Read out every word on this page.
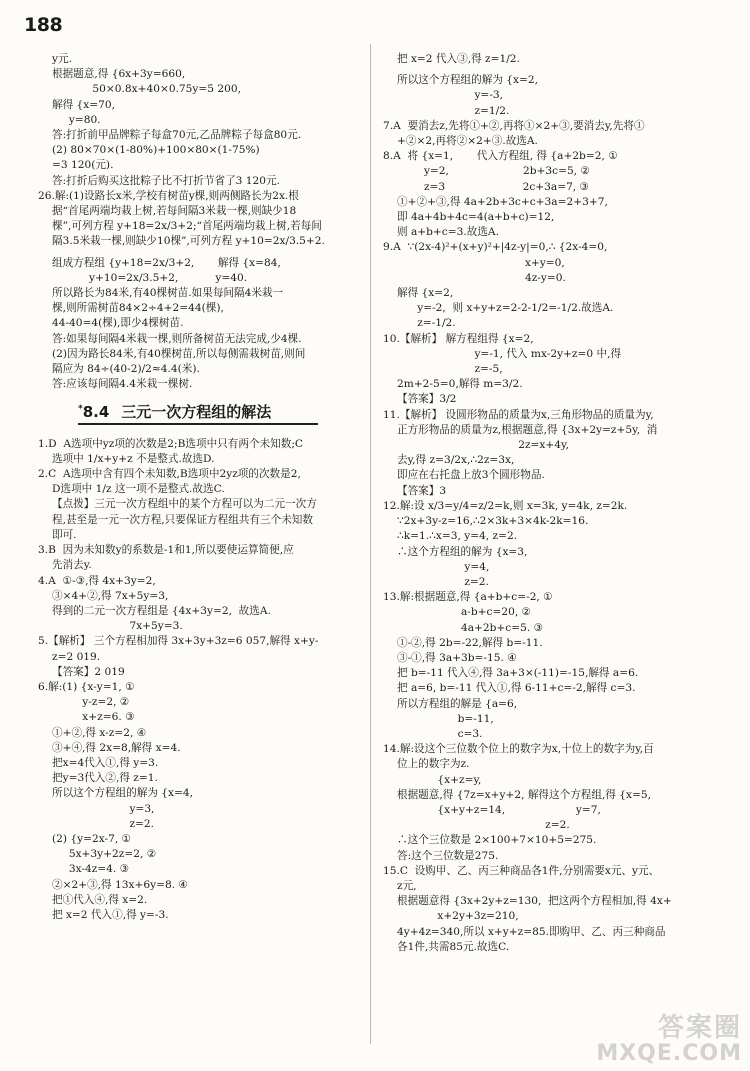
188

y元.

根据题意,得 {6x+3y=660,

50×0.8x+40×0.75y=5 200,

解得 {x=70,

y=80.

答:打折前甲品牌粽子每盒70元,乙品牌粽子每盒80元.

(2) 80×70×(1-80%)+100×80×(1-75%)

=3 120(元).

答:打折后购买这批粽子比不打折节省了3 120元.

26.解:(1)设路长x米,学校有树苗y棵,则两侧路长为2x.根

据“首尾两端均栽上树,若每间隔3米栽一棵,则缺少18

棵”,可列方程 y+18=2x/3+2;“首尾两端均栽上树,若每间

隔3.5米栽一棵,则缺少10棵”,可列方程 y+10=2x/3.5+2.

组成方程组 {y+18=2x/3+2,       解得 {x=84,

y+10=2x/3.5+2,           y=40.

所以路长为84米,有40棵树苗.如果每间隔4米栽一

棵,则所需树苗84×2÷4+2=44(棵),

44-40=4(棵),即少4棵树苗.

答:如果每间隔4米栽一棵,则所备树苗无法完成,少4棵.

(2)因为路长84米,有40棵树苗,所以每侧需栽树苗,则间

隔应为 84÷(40-2)/2≈4.4(米).

答:应该每间隔4.4米栽一棵树.

*8.4 三元一次方程组的解法

1.D  A选项中yz项的次数是2;B选项中只有两个未知数;C

选项中 1/x+y+z 不是整式.故选D.

2.C  A选项中含有四个未知数,B选项中2yz项的次数是2,

D选项中 1/z 这一项不是整式.故选C.

【点拨】三元一次方程组中的某个方程可以为二元一次方

程,甚至是一元一次方程,只要保证方程组共有三个未知数

即可.

3.B  因为未知数y的系数是-1和1,所以要使运算简便,应

先消去y.

4.A  ①-③,得 4x+3y=2,

③×4+②,得 7x+5y=3,

得到的二元一次方程组是 {4x+3y=2,  故选A.

7x+5y=3.

5.【解析】 三个方程相加得 3x+3y+3z=6 057,解得 x+y-

z=2 019.

【答案】2 019

6.解:(1) {x-y=1, ①

y-z=2, ②

x+z=6. ③

①+②,得 x-z=2, ④

③+④,得 2x=8,解得 x=4.

把x=4代入①,得 y=3.

把y=3代入②,得 z=1.

所以这个方程组的解为 {x=4,

y=3,

z=2.

(2) {y=2x-7, ①

5x+3y+2z=2, ②

3x-4z=4. ③

②×2+③,得 13x+6y=8. ④

把①代入④,得 x=2.

把 x=2 代入①,得 y=-3.

把 x=2 代入③,得 z=1/2.

所以这个方程组的解为 {x=2,

y=-3,

z=1/2.

7.A  要消去z,先将①+②,再将①×2+③,要消去y,先将①

+②×2,再将②×2+③.故选A.

8.A  将 {x=1,       代入方程组, 得 {a+2b=2, ①

y=2,                      2b+3c=5, ②

z=3                       2c+3a=7, ③

①+②+③,得 4a+2b+3c+c+3a=2+3+7,

即 4a+4b+4c=4(a+b+c)=12,

则 a+b+c=3.故选A.

9.A  ∵(2x-4)²+(x+y)²+|4z-y|=0,∴ {2x-4=0,

x+y=0,

4z-y=0.

解得 {x=2,

y=-2,  则 x+y+z=2-2-1/2=-1/2.故选A.

z=-1/2.

10.【解析】 解方程组得 {x=2,

y=-1, 代入 mx-2y+z=0 中,得

z=-5,

2m+2-5=0,解得 m=3/2.

【答案】3/2

11.【解析】 设圆形物品的质量为x,三角形物品的质量为y,

正方形物品的质量为z,根据题意,得 {3x+2y=z+5y,  消

2z=x+4y,

去y,得 z=3/2x,∴2z=3x,

即应在右托盘上放3个圆形物品.

【答案】3

12.解:设 x/3=y/4=z/2=k,则 x=3k, y=4k, z=2k.

∵2x+3y-z=16,∴2×3k+3×4k-2k=16.

∴k=1.∴x=3, y=4, z=2.

∴这个方程组的解为 {x=3,

y=4,

z=2.

13.解:根据题意,得 {a+b+c=-2, ①

a-b+c=20, ②

4a+2b+c=5. ③

①-②,得 2b=-22,解得 b=-11.

③-①,得 3a+3b=-15. ④

把 b=-11 代入④,得 3a+3×(-11)=-15,解得 a=6.

把 a=6, b=-11 代入①,得 6-11+c=-2,解得 c=3.

所以方程组的解是 {a=6,

b=-11,

c=3.

14.解:设这个三位数个位上的数字为x,十位上的数字为y,百

位上的数字为z.

{x+z=y,

根据题意,得 {7z=x+y+2, 解得这个方程组,得 {x=5,

{x+y+z=14,                     y=7,

z=2.

∴这个三位数是 2×100+7×10+5=275.

答:这个三位数是275.

15.C  设购甲、乙、丙三种商品各1件,分别需要x元、y元、

z元,

根据题意得 {3x+2y+z=130,  把这两个方程相加,得 4x+

x+2y+3z=210,

4y+4z=340,所以 x+y+z=85.即购甲、乙、丙三种商品

各1件,共需85元.故选C.

答案圈
MXQE.COM
